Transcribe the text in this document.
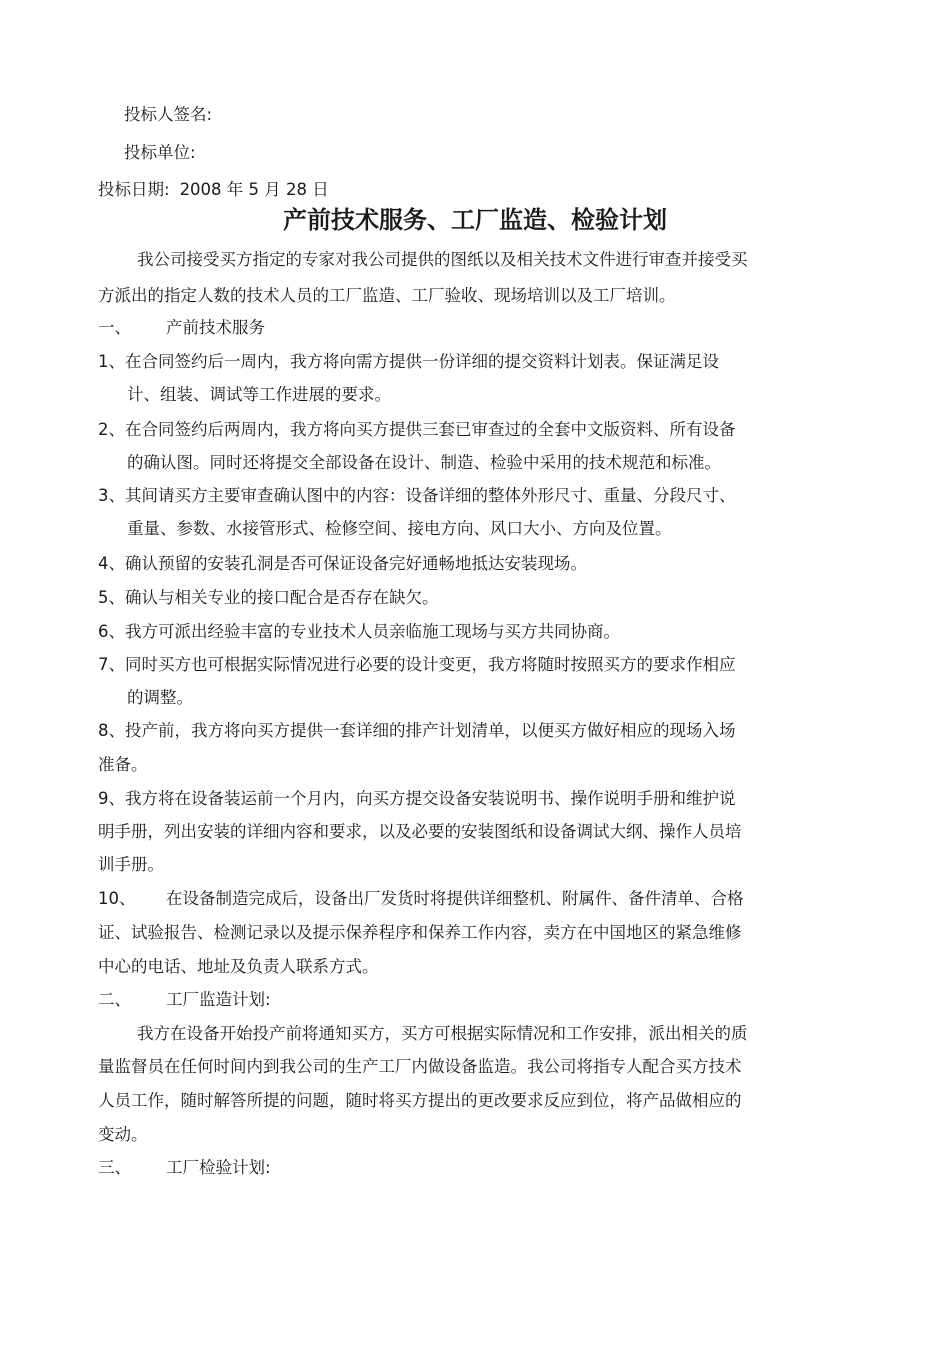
投标人签名:

投标单位:

投标日期: 2008 年 5 月 28 日

产前技术服务、工厂监造、检验计划

我公司接受买方指定的专家对我公司提供的图纸以及相关技术文件进行审查并接受买

方派出的指定人数的技术人员的工厂监造、工厂验收、现场培训以及工厂培训。

一、 产前技术服务

1、在合同签约后一周内，我方将向需方提供一份详细的提交资料计划表。保证满足设

计、组装、调试等工作进展的要求。

2、在合同签约后两周内，我方将向买方提供三套已审查过的全套中文版资料、所有设备

的确认图。同时还将提交全部设备在设计、制造、检验中采用的技术规范和标准。

3、其间请买方主要审查确认图中的内容：设备详细的整体外形尺寸、重量、分段尺寸、

重量、参数、水接管形式、检修空间、接电方向、风口大小、方向及位置。

4、确认预留的安装孔洞是否可保证设备完好通畅地抵达安装现场。

5、确认与相关专业的接口配合是否存在缺欠。

6、我方可派出经验丰富的专业技术人员亲临施工现场与买方共同协商。

7、同时买方也可根据实际情况进行必要的设计变更，我方将随时按照买方的要求作相应

的调整。

8、投产前，我方将向买方提供一套详细的排产计划清单，以便买方做好相应的现场入场

准备。

9、我方将在设备装运前一个月内，向买方提交设备安装说明书、操作说明手册和维护说

明手册，列出安装的详细内容和要求，以及必要的安装图纸和设备调试大纲、操作人员培

训手册。

10、 在设备制造完成后，设备出厂发货时将提供详细整机、附属件、备件清单、合格

证、试验报告、检测记录以及提示保养程序和保养工作内容，卖方在中国地区的紧急维修

中心的电话、地址及负责人联系方式。

二、 工厂监造计划:

我方在设备开始投产前将通知买方，买方可根据实际情况和工作安排，派出相关的质

量监督员在任何时间内到我公司的生产工厂内做设备监造。我公司将指专人配合买方技术

人员工作，随时解答所提的问题，随时将买方提出的更改要求反应到位，将产品做相应的

变动。

三、 工厂检验计划:
